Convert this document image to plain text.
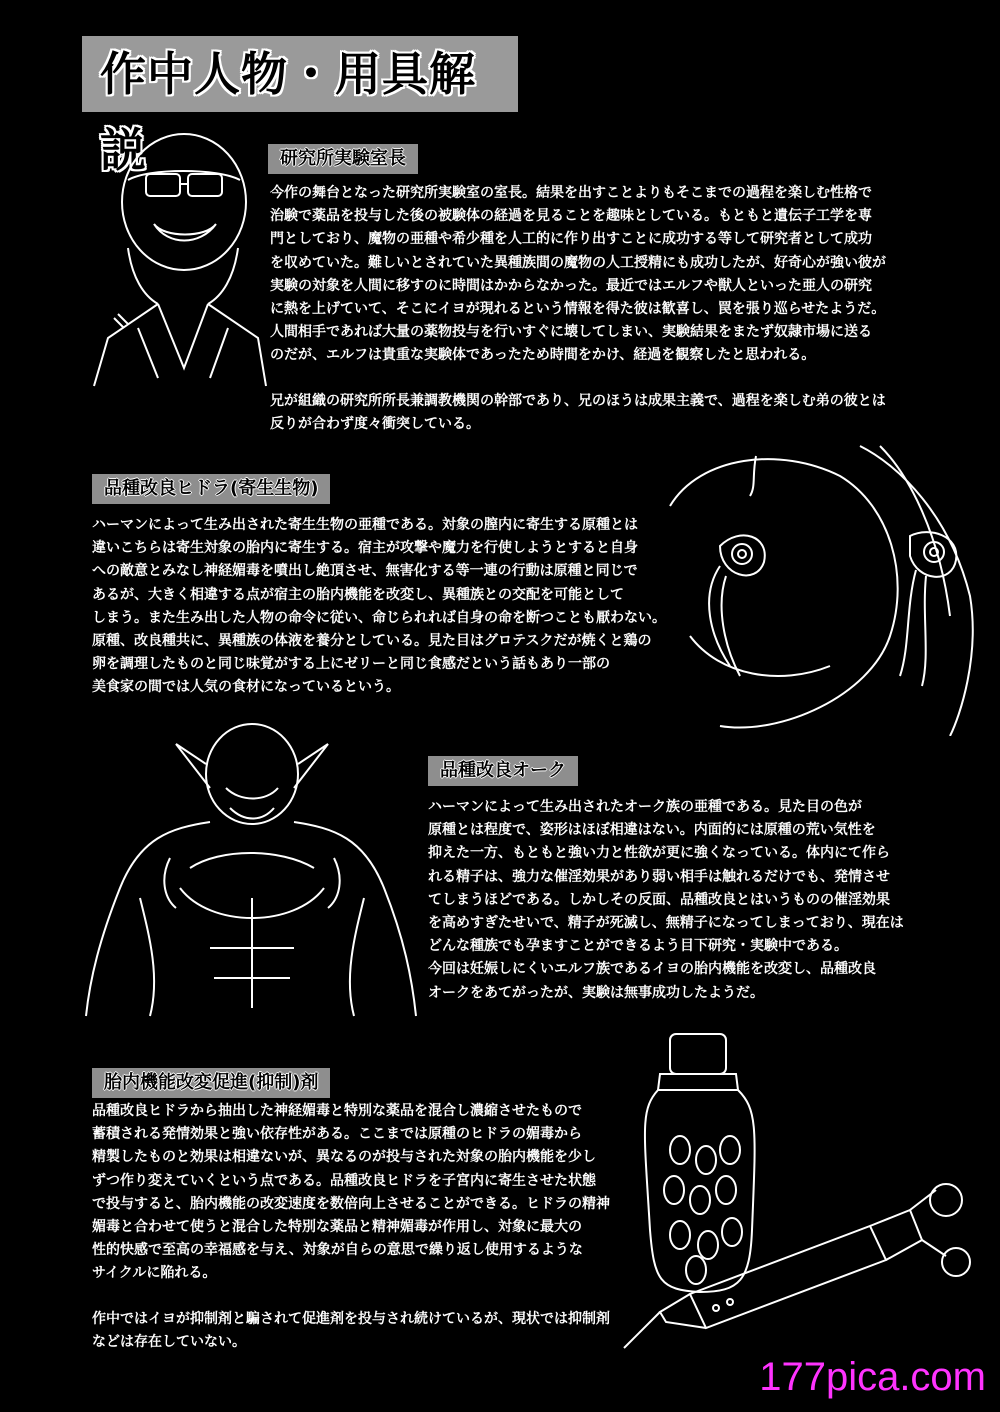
作中人物・用具解説	研究所実験室長

今作の舞台となった研究所実験室の室長。結果を出すことよりもそこまでの過程を楽しむ性格で

治験で薬品を投与した後の被験体の経過を見ることを趣味としている。もともと遺伝子工学を専

門としており、魔物の亜種や希少種を人工的に作り出すことに成功する等して研究者として成功

を収めていた。難しいとされていた異種族間の魔物の人工授精にも成功したが、好奇心が強い彼が

実験の対象を人間に移すのに時間はかからなかった。最近ではエルフや獣人といった亜人の研究

に熱を上げていて、そこにイヨが現れるという情報を得た彼は歓喜し、罠を張り巡らせたようだ。

人間相手であれば大量の薬物投与を行いすぐに壊してしまい、実験結果をまたず奴隷市場に送る

のだが、エルフは貴重な実験体であったため時間をかけ、経過を観察したと思われる。

兄が組織の研究所所長兼調教機関の幹部であり、兄のほうは成果主義で、過程を楽しむ弟の彼とは

反りが合わず度々衝突している。

品種改良ヒドラ(寄生生物)

ハーマンによって生み出された寄生生物の亜種である。対象の膣内に寄生する原種とは

違いこちらは寄生対象の胎内に寄生する。宿主が攻撃や魔力を行使しようとすると自身

への敵意とみなし神経媚毒を噴出し絶頂させ、無害化する等一連の行動は原種と同じで

あるが、大きく相違する点が宿主の胎内機能を改変し、異種族との交配を可能として

しまう。また生み出した人物の命令に従い、命じられれば自身の命を断つことも厭わない。

原種、改良種共に、異種族の体液を養分としている。見た目はグロテスクだが焼くと鶏の

卵を調理したものと同じ味覚がする上にゼリーと同じ食感だという話もあり一部の

美食家の間では人気の食材になっているという。

品種改良オーク

ハーマンによって生み出されたオーク族の亜種である。見た目の色が

原種とは程度で、姿形はほぼ相違はない。内面的には原種の荒い気性を

抑えた一方、もともと強い力と性欲が更に強くなっている。体内にて作ら

れる精子は、強力な催淫効果があり弱い相手は触れるだけでも、発情させ

てしまうほどである。しかしその反面、品種改良とはいうものの催淫効果

を高めすぎたせいで、精子が死滅し、無精子になってしまっており、現在は

どんな種族でも孕ますことができるよう目下研究・実験中である。

今回は妊娠しにくいエルフ族であるイヨの胎内機能を改変し、品種改良

オークをあてがったが、実験は無事成功したようだ。

胎内機能改変促進(抑制)剤

品種改良ヒドラから抽出した神経媚毒と特別な薬品を混合し濃縮させたもので

蓄積される発情効果と強い依存性がある。ここまでは原種のヒドラの媚毒から

精製したものと効果は相違ないが、異なるのが投与された対象の胎内機能を少し

ずつ作り変えていくという点である。品種改良ヒドラを子宮内に寄生させた状態

で投与すると、胎内機能の改変速度を数倍向上させることができる。ヒドラの精神

媚毒と合わせて使うと混合した特別な薬品と精神媚毒が作用し、対象に最大の

性的快感で至高の幸福感を与え、対象が自らの意思で繰り返し使用するような

サイクルに陥れる。

作中ではイヨが抑制剤と騙されて促進剤を投与され続けているが、現状では抑制剤

などは存在していない。

177pica.com
